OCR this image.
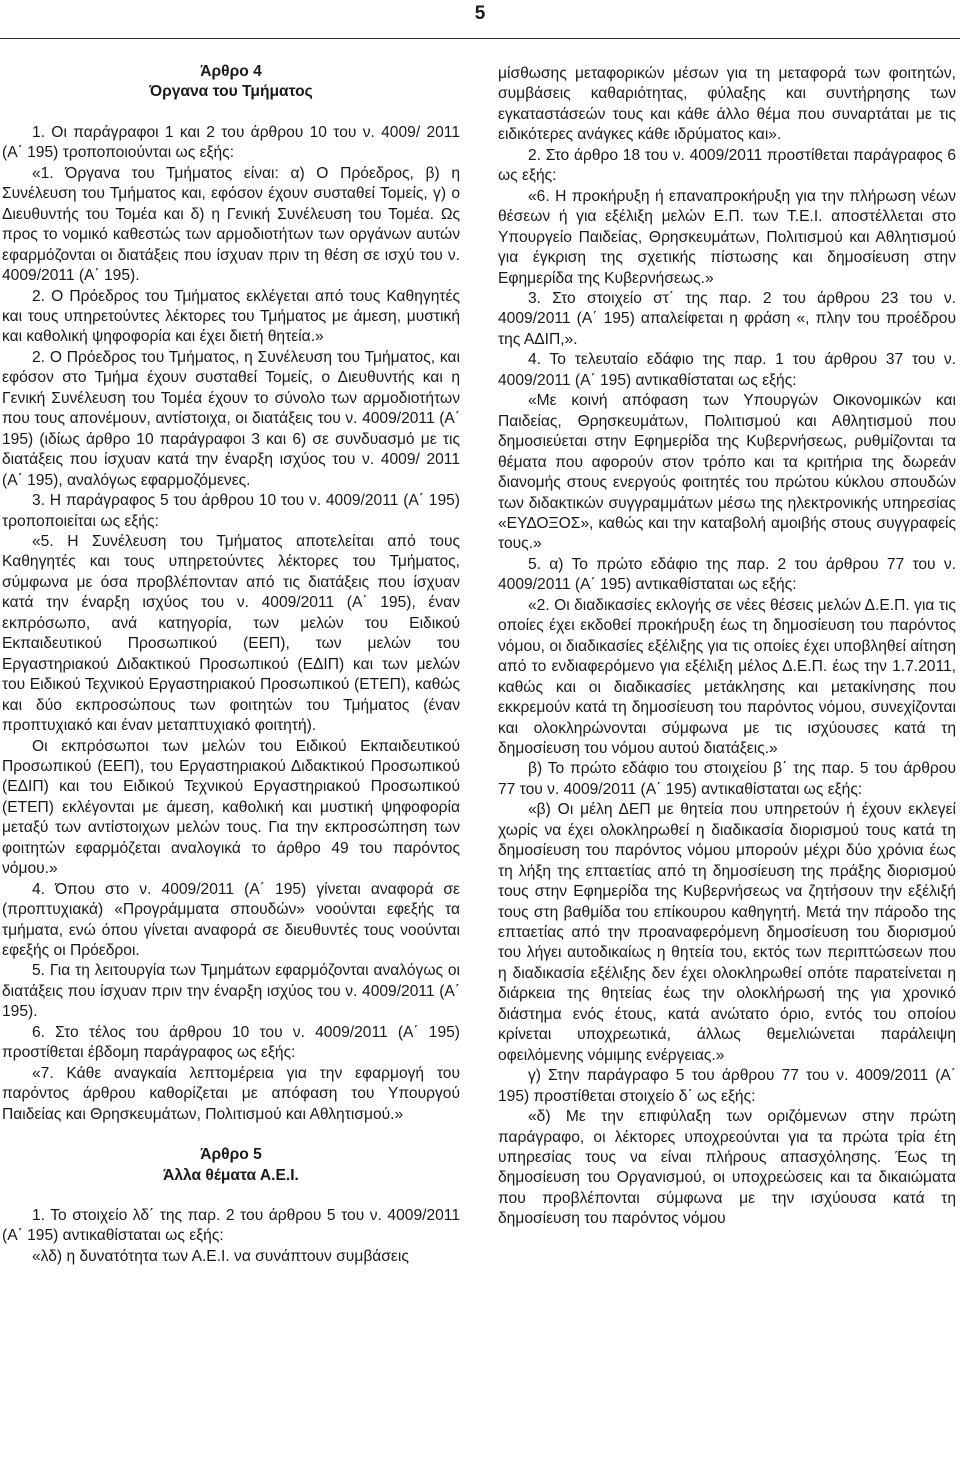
5

Άρθρο 4

Όργανα του Τμήματος

1. Οι παράγραφοι 1 και 2 του άρθρου 10 του ν. 4009/ 2011 (Α΄ 195) τροποποιούνται ως εξής:

«1. Όργανα του Τμήματος είναι: α) Ο Πρόεδρος, β) η Συνέλευση του Τμήματος και, εφόσον έχουν συσταθεί Τομείς, γ) ο Διευθυντής του Τομέα και δ) η Γενική Συνέλευση του Τομέα. Ως προς το νομικό καθεστώς των αρμοδιοτήτων των οργάνων αυτών εφαρμόζονται οι διατάξεις που ίσχυαν πριν τη θέση σε ισχύ του ν. 4009/2011 (Α΄ 195).

2. Ο Πρόεδρος του Τμήματος εκλέγεται από τους Καθηγητές και τους υπηρετούντες λέκτορες του Τμήματος με άμεση, μυστική και καθολική ψηφοφορία και έχει διετή θητεία.»

2. Ο Πρόεδρος του Τμήματος, η Συνέλευση του Τμήματος, και εφόσον στο Τμήμα έχουν συσταθεί Τομείς, ο Διευθυντής και η Γενική Συνέλευση του Τομέα έχουν το σύνολο των αρμοδιοτήτων που τους απονέμουν, αντίστοιχα, οι διατάξεις του ν. 4009/2011 (Α΄ 195) (ιδίως άρθρο 10 παράγραφοι 3 και 6) σε συνδυασμό με τις διατάξεις που ίσχυαν κατά την έναρξη ισχύος του ν. 4009/ 2011 (Α΄ 195), αναλόγως εφαρμοζόμενες.

3. Η παράγραφος 5 του άρθρου 10 του ν. 4009/2011 (Α΄ 195) τροποποιείται ως εξής:

«5. Η Συνέλευση του Τμήματος αποτελείται από τους Καθηγητές και τους υπηρετούντες λέκτορες του Τμήματος, σύμφωνα με όσα προβλέπονταν από τις διατάξεις που ίσχυαν κατά την έναρξη ισχύος του ν. 4009/2011 (Α΄ 195), έναν εκπρόσωπο, ανά κατηγορία, των μελών του Ειδικού Εκπαιδευτικού Προσωπικού (ΕΕΠ), των μελών του Εργαστηριακού Διδακτικού Προσωπικού (ΕΔΙΠ) και των μελών του Ειδικού Τεχνικού Εργαστηριακού Προσωπικού (ΕΤΕΠ), καθώς και δύο εκπροσώπους των φοιτητών του Τμήματος (έναν προπτυχιακό και έναν μεταπτυχιακό φοιτητή).

Οι εκπρόσωποι των μελών του Ειδικού Εκπαιδευτικού Προσωπικού (ΕΕΠ), του Εργαστηριακού Διδακτικού Προσωπικού (ΕΔΙΠ) και του Ειδικού Τεχνικού Εργαστηριακού Προσωπικού (ΕΤΕΠ) εκλέγονται με άμεση, καθολική και μυστική ψηφοφορία μεταξύ των αντίστοιχων μελών τους. Για την εκπροσώπηση των φοιτητών εφαρμόζεται αναλογικά το άρθρο 49 του παρόντος νόμου.»

4. Όπου στο ν. 4009/2011 (Α΄ 195) γίνεται αναφορά σε (προπτυχιακά) «Προγράμματα σπουδών» νοούνται εφεξής τα τμήματα, ενώ όπου γίνεται αναφορά σε διευθυντές τους νοούνται εφεξής οι Πρόεδροι.

5. Για τη λειτουργία των Τμημάτων εφαρμόζονται αναλόγως οι διατάξεις που ίσχυαν πριν την έναρξη ισχύος του ν. 4009/2011 (Α΄ 195).

6. Στο τέλος του άρθρου 10 του ν. 4009/2011 (Α΄ 195) προστίθεται έβδομη παράγραφος ως εξής:

«7. Κάθε αναγκαία λεπτομέρεια για την εφαρμογή του παρόντος άρθρου καθορίζεται με απόφαση του Υπουργού Παιδείας και Θρησκευμάτων, Πολιτισμού και Αθλητισμού.»

Άρθρο 5

Άλλα θέματα Α.Ε.Ι.

1. Το στοιχείο λδ΄ της παρ. 2 του άρθρου 5 του ν. 4009/2011 (Α΄ 195) αντικαθίσταται ως εξής:

«λδ) η δυνατότητα των Α.Ε.Ι. να συνάπτουν συμβάσεις

μίσθωσης μεταφορικών μέσων για τη μεταφορά των φοιτητών, συμβάσεις καθαριότητας, φύλαξης και συντήρησης των εγκαταστάσεών τους και κάθε άλλο θέμα που συναρτάται με τις ειδικότερες ανάγκες κάθε ιδρύματος και».

2. Στο άρθρο 18 του ν. 4009/2011 προστίθεται παράγραφος 6 ως εξής:

«6. Η προκήρυξη ή επαναπροκήρυξη για την πλήρωση νέων θέσεων ή για εξέλιξη μελών Ε.Π. των Τ.Ε.Ι. αποστέλλεται στο Υπουργείο Παιδείας, Θρησκευμάτων, Πολιτισμού και Αθλητισμού για έγκριση της σχετικής πίστωσης και δημοσίευση στην Εφημερίδα της Κυβερνήσεως.»

3. Στο στοιχείο στ΄ της παρ. 2 του άρθρου 23 του ν. 4009/2011 (Α΄ 195) απαλείφεται η φράση «, πλην του προέδρου της ΑΔΙΠ,».

4. Το τελευταίο εδάφιο της παρ. 1 του άρθρου 37 του ν. 4009/2011 (Α΄ 195) αντικαθίσταται ως εξής:

«Με κοινή απόφαση των Υπουργών Οικονομικών και Παιδείας, Θρησκευμάτων, Πολιτισμού και Αθλητισμού που δημοσιεύεται στην Εφημερίδα της Κυβερνήσεως, ρυθμίζονται τα θέματα που αφορούν στον τρόπο και τα κριτήρια της δωρεάν διανομής στους ενεργούς φοιτητές του πρώτου κύκλου σπουδών των διδακτικών συγγραμμάτων μέσω της ηλεκτρονικής υπηρεσίας «ΕΥΔΟΞΟΣ», καθώς και την καταβολή αμοιβής στους συγγραφείς τους.»

5. α) Το πρώτο εδάφιο της παρ. 2 του άρθρου 77 του ν. 4009/2011 (Α΄ 195) αντικαθίσταται ως εξής:

«2. Οι διαδικασίες εκλογής σε νέες θέσεις μελών Δ.Ε.Π. για τις οποίες έχει εκδοθεί προκήρυξη έως τη δημοσίευση του παρόντος νόμου, οι διαδικασίες εξέλιξης για τις οποίες έχει υποβληθεί αίτηση από το ενδιαφερόμενο για εξέλιξη μέλος Δ.Ε.Π. έως την 1.7.2011, καθώς και οι διαδικασίες μετάκλησης και μετακίνησης που εκκρεμούν κατά τη δημοσίευση του παρόντος νόμου, συνεχίζονται και ολοκληρώνονται σύμφωνα με τις ισχύουσες κατά τη δημοσίευση του νόμου αυτού διατάξεις.»

β) Το πρώτο εδάφιο του στοιχείου β΄ της παρ. 5 του άρθρου 77 του ν. 4009/2011 (Α΄ 195) αντικαθίσταται ως εξής:

«β) Οι μέλη ΔΕΠ με θητεία που υπηρετούν ή έχουν εκλεγεί χωρίς να έχει ολοκληρωθεί η διαδικασία διορισμού τους κατά τη δημοσίευση του παρόντος νόμου μπορούν μέχρι δύο χρόνια έως τη λήξη της επταετίας από τη δημοσίευση της πράξης διορισμού τους στην Εφημερίδα της Κυβερνήσεως να ζητήσουν την εξέλιξή τους στη βαθμίδα του επίκουρου καθηγητή. Μετά την πάροδο της επταετίας από την προαναφερόμενη δημοσίευση του διορισμού του λήγει αυτοδικαίως η θητεία του, εκτός των περιπτώσεων που η διαδικασία εξέλιξης δεν έχει ολοκληρωθεί οπότε παρατείνεται η διάρκεια της θητείας έως την ολοκλήρωσή της για χρονικό διάστημα ενός έτους, κατά ανώτατο όριο, εντός του οποίου κρίνεται υποχρεωτικά, άλλως θεμελιώνεται παράλειψη οφειλόμενης νόμιμης ενέργειας.»

γ) Στην παράγραφο 5 του άρθρου 77 του ν. 4009/2011 (Α΄ 195) προστίθεται στοιχείο δ΄ ως εξής:

«δ) Με την επιφύλαξη των οριζόμενων στην πρώτη παράγραφο, οι λέκτορες υποχρεούνται για τα πρώτα τρία έτη υπηρεσίας τους να είναι πλήρους απασχόλησης. Έως τη δημοσίευση του Οργανισμού, οι υποχρεώσεις και τα δικαιώματα που προβλέπονται σύμφωνα με την ισχύουσα κατά τη δημοσίευση του παρόντος νόμου
